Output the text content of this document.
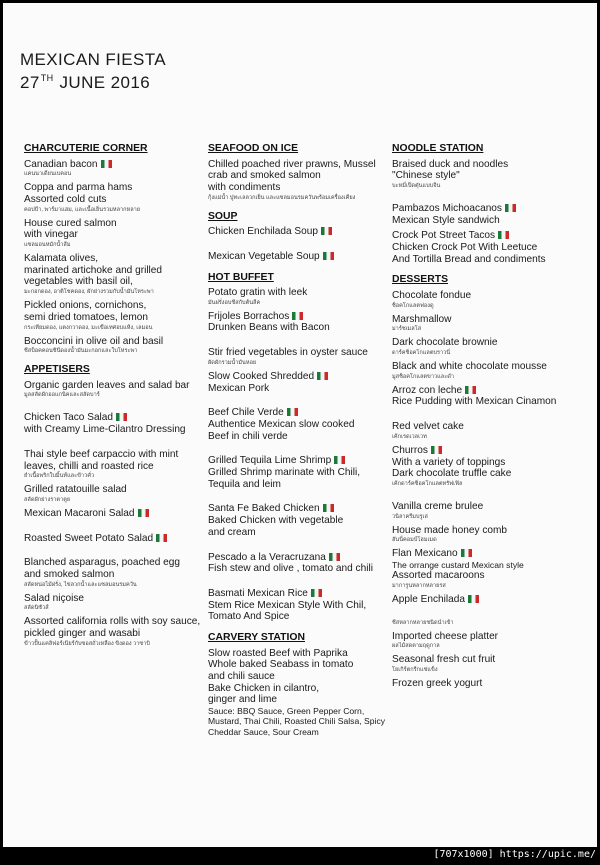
MEXICAN FIESTA
27TH JUNE 2016
CHARCUTERIE CORNER
Canadian bacon
แคนนาเดียนเบคอน
Coppa and parma hams
Assorted cold cuts
คอปป้า, พาร์มาแฮม, และเนื้อเย็นรวมหลากหลาย
House cured salmon
with vinegar
แซลมอนหมักน้ำส้ม
Kalamata olives,
marinated artichoke and grilled
vegetables with basil oil,
มะกอกดอง, อาติโชคดอง, ผักย่างรวมกับน้ำมันโหระพา
Pickled onions, cornichons,
semi dried tomatoes, lemon
กระเทียมดอง, แตงกวาดอง, มะเขือเทศอบแห้ง, เลมอน
Bocconcini in olive oil and basil
ชีสบ็อคคอนชินีดองน้ำมันมะกอกและใบโหระพา
APPETISERS
Organic garden leaves and salad bar
มูลสลัดผักออแกนิคและสลัดบาร์
Chicken Taco Salad
with Creamy Lime-Cilantro Dressing
Thai style beef carpaccio with mint
leaves, chilli and roasted rice
ยำเนื้อพริกใบมิ้นท์และข้าวคั่ว
Grilled ratatouille salad
สลัดผักย่างราตาตูย
Mexican Macaroni Salad
Roasted Sweet Potato Salad
Blanched asparagus, poached egg
and smoked salmon
สลัดหน่อไม้ฝรั่ง, ไข่ลวกน้ำและแซลมอนรมควัน
Salad niçoise
สลัดนิซัวส์
Assorted california rolls with soy sauce,
pickled ginger and wasabi
ข้าวปั้นแคลิฟอร์เนียร์กับซอสถั่วเหลือง ขิงดอง วาซาบิ
SEAFOOD ON ICE
Chilled poached river prawns, Mussel
crab and smoked salmon
with condiments
กุ้งแม่น้ำ ปูทะเลลวกเย็น และแซลมอนรมควันพร้อมเครื่องเคียง
SOUP
Chicken Enchilada Soup
Mexican Vegetable Soup
HOT BUFFET
Potato gratin with leek
มันฝรั่งอบชีสกับต้นลีค
Frijoles Borrachos
Drunken Beans with Bacon
Stir fried vegetables in oyster sauce
ผัดผักรวมน้ำมันหอย
Slow Cooked Shredded
Mexican Pork
Beef Chile Verde
Authentice Mexican slow cooked
Beef in chili verde
Grilled Tequila Lime Shrimp
Grilled Shrimp marinate with Chili,
Tequila and leim
Santa Fe Baked Chicken
Baked Chicken with vegetable
and cream
Pescado a la Veracruzana
Fish stew and olive , tomato and chili
Basmati Mexican Rice
Stem Rice Mexican Style With Chil,
Tomato And Spice
CARVERY STATION
Slow roasted Beef with Paprika
Whole baked Seabass in tomato
and chili sauce
Bake Chicken in cilantro,
ginger and lime
Sauce: BBQ Sauce, Green Pepper Corn,
Mustard, Thai Chili, Roasted Chili Salsa, Spicy
Cheddar Sauce, Sour Cream
NOODLE STATION
Braised duck and noodles
"Chinese style"
บะหมี่เป็ดตุ๋นแบบจีน
Pambazos Michoacanos
Mexican Style sandwich
Crock Pot Street Tacos
Chicken Crock Pot With Leetuce
And Tortilla Bread and condiments
DESSERTS
Chocolate fondue
ช็อคโกแลตฟองดู
Marshmallow
มาร์ชเมลโล่
Dark chocolate brownie
ดาร์คช็อคโกแลตบราวนี่
Black and white chocolate mousse
มูสช็อคโกแลตขาวและดำ
Arroz con leche
Rice Pudding with Mexican Cinamon
Red velvet cake
เค้กเรดเวลเวท
Churros
With a variety of toppings
Dark chocolate truffle cake
เค้กดาร์คช็อคโกแลตทรัฟเฟิล
Vanilla creme brulee
วนิลาครีมบรูเล่
House made honey comb
ฮันนี่คอมบ์โฮมเมด
Flan Mexicano
The orrange custard Mexican style
Assorted macaroons
มาการูนหลากหลายรส
Apple Enchilada
ชีสหลากหลายชนิดนำเข้า
Imported cheese platter
ผลไม้สดตามฤดูกาล
Seasonal fresh cut fruit
โยเกิร์ตกรีกแช่แข็ง
Frozen greek yogurt
[707x1000] https://upic.me/
